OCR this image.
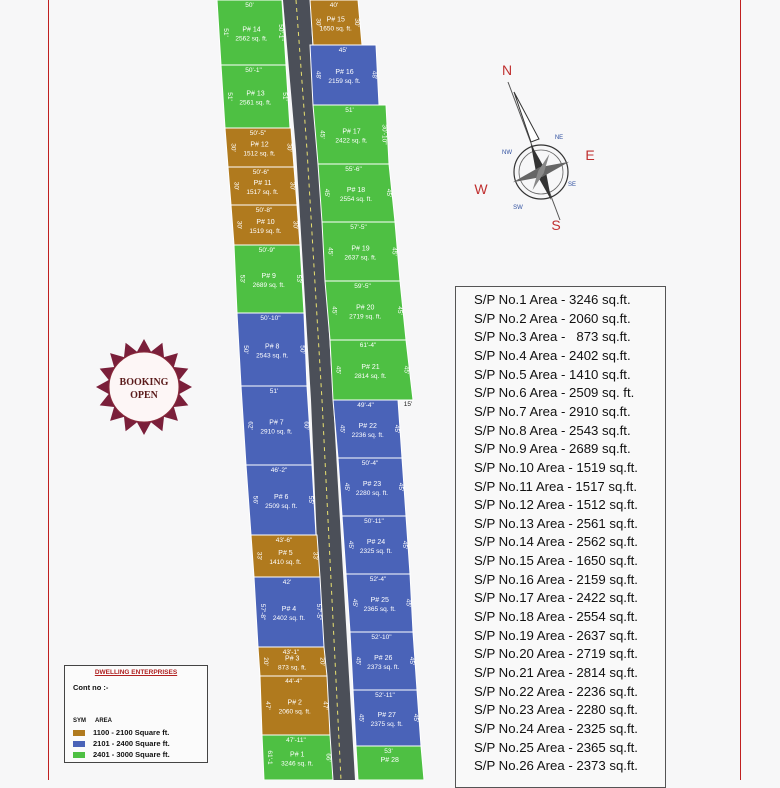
P# 14
2562 sq. ft.
50'
51'	50'-1"
P# 13
2561 sq. ft.
50'-1"
51'	51'
P# 12
1512 sq. ft.
50'-5"
30'	30'
P# 11
1517 sq. ft.
50'-6"
30'	30'
P# 10
1519 sq. ft.
50'-8"
30'	30'
P# 9
2689 sq. ft.
50'-9"
53'	53'
P# 8
2543 sq. ft.
50'-10"
50'	50'
P# 7
2910 sq. ft.
51'
62'	60'
P# 6
2509 sq. ft.
46'-2"
56'	55'
P# 5
1410 sq. ft.
43'-6"
33'	33'
P# 4
2402 sq. ft.
42'
57'-8"	57'-5"
P# 3
873 sq. ft.
43'-1"
20'	20'
P# 2
2060 sq. ft.
44'-4"
47'	47'
P# 1
3246 sq. ft.
47'-11"
61'-1	66'
P# 15
1650 sq. ft.
40'
30'	30'
P# 16
2159 sq. ft.
45'
48'	48'
P# 17
2422 sq. ft.
51'
45'	30'-10"
P# 18
2554 sq. ft.
55'-6"
45'	45'
P# 19
2637 sq. ft.
57'-5"
45'	45'
P# 20
2719 sq. ft.
59'-5"
45'	45'
P# 21
2814 sq. ft.
61'-4"
45'	45'
P# 22
2236 sq. ft.
49'-4"
45'	45'
P# 23
2280 sq. ft.
50'-4"
45'	45'
P# 24
2325 sq. ft.
50'-11"
45'	45'
P# 25
2365 sq. ft.
52'-4"
45'	45'
P# 26
2373 sq. ft.
52'-10"
45'	45'
P# 27
2375 sq. ft.
52'-11"
45'	45'
P# 28
53'
15'
BOOKING
OPEN
N
S
E
W
NW
NE
SE
SW
S/P No.1 Area - 3246 sq.ft.
S/P No.2 Area - 2060 sq.ft.
S/P No.3 Area -   873 sq.ft.
S/P No.4 Area - 2402 sq.ft.
S/P No.5 Area - 1410 sq.ft.
S/P No.6 Area - 2509 sq. ft.
S/P No.7 Area - 2910 sq.ft.
S/P No.8 Area - 2543 sq.ft.
S/P No.9 Area - 2689 sq.ft.
S/P No.10 Area - 1519 sq.ft.
S/P No.11 Area - 1517 sq.ft.
S/P No.12 Area - 1512 sq.ft.
S/P No.13 Area - 2561 sq.ft.
S/P No.14 Area - 2562 sq.ft.
S/P No.15 Area - 1650 sq.ft.
S/P No.16 Area - 2159 sq.ft.
S/P No.17 Area - 2422 sq.ft.
S/P No.18 Area - 2554 sq.ft.
S/P No.19 Area - 2637 sq.ft.
S/P No.20 Area - 2719 sq.ft.
S/P No.21 Area - 2814 sq.ft.
S/P No.22 Area - 2236 sq.ft.
S/P No.23 Area - 2280 sq.ft.
S/P No.24 Area - 2325 sq.ft.
S/P No.25 Area - 2365 sq.ft.
S/P No.26 Area - 2373 sq.ft.
DWELLING ENTERPRISES
Cont no :-
SYM AREA
1100 - 2100 Square ft.
2101 - 2400 Square ft.
2401 - 3000 Square ft.
